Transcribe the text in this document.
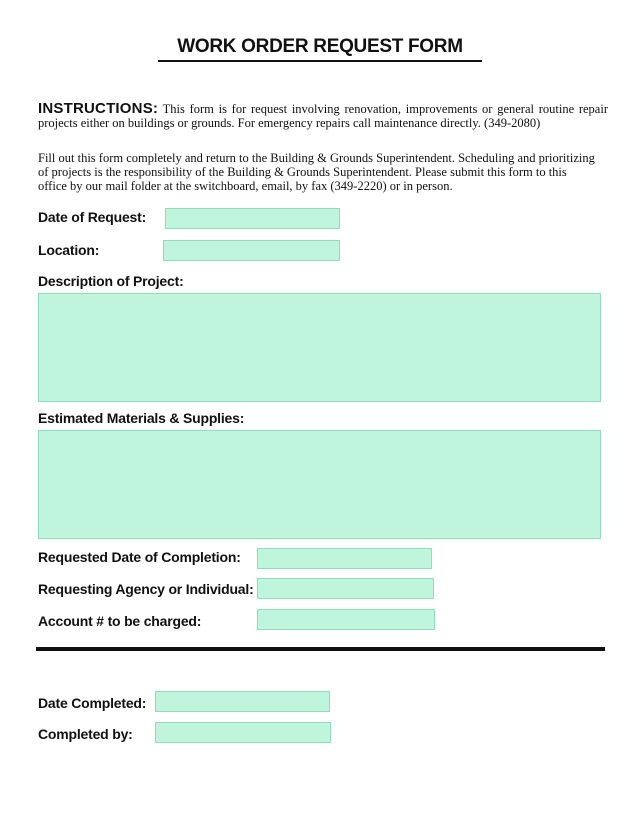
WORK ORDER REQUEST FORM
INSTRUCTIONS: This form is for request involving renovation, improvements or general routine repair
projects either on buildings or grounds. For emergency repairs call maintenance directly. (349-2080)
Fill out this form completely and return to the Building & Grounds Superintendent. Scheduling and prioritizing
of projects is the responsibility of the Building & Grounds Superintendent. Please submit this form to this
office by our mail folder at the switchboard, email, by fax (349-2220) or in person.
Date of Request:
Location:
Description of Project:
Estimated Materials & Supplies:
Requested Date of Completion:
Requesting Agency or Individual:
Account # to be charged:
Date Completed:
Completed by:
